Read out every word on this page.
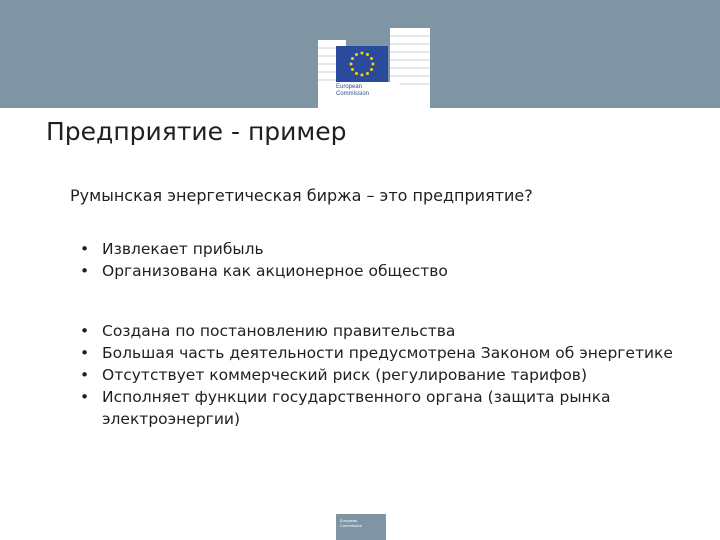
European
Commission
Предприятие - пример
Румынская энергетическая биржа – это предприятие?
• Извлекает прибыль
• Организована как акционерное общество
• Создана по постановлению правительства
• Большая часть деятельности предусмотрена Законом об энергетике
• Отсутствует коммерческий риск (регулирование тарифов)
• Исполняет функции государственного органа (защита рынка электроэнергии)
European
Commission
